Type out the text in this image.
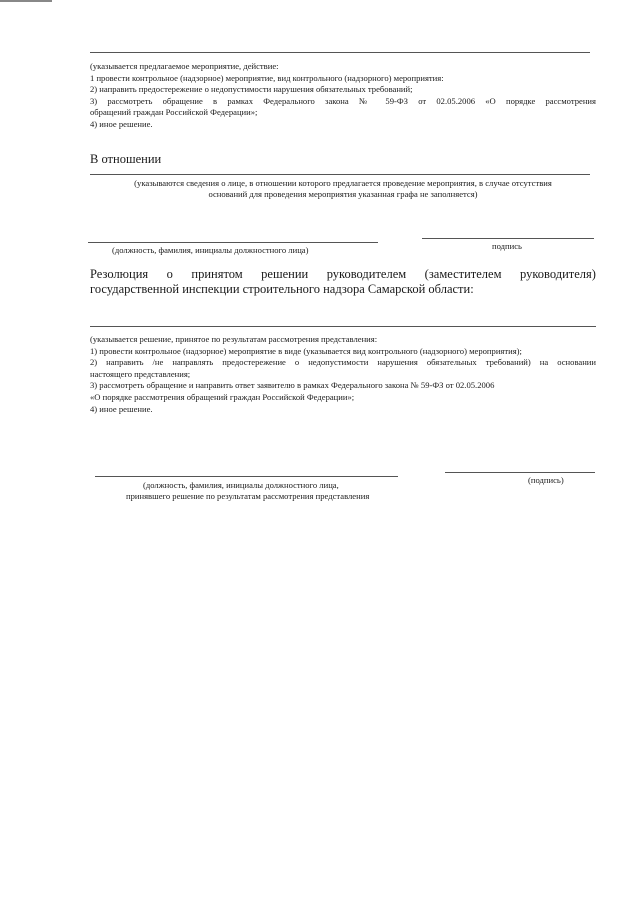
(указывается предлагаемое мероприятие, действие:
1 провести контрольное (надзорное) мероприятие, вид контрольного (надзорного) мероприятия:
2) направить предостережение о недопустимости нарушения обязательных требований;
3) рассмотреть обращение в рамках Федерального закона № 59-ФЗ от 02.05.2006 «О порядке рассмотрения
обращений граждан Российской Федерации»;
4) иное решение.
В отношении
(указываются сведения о лице, в отношении которого предлагается проведение мероприятия, в случае отсутствия
оснований для проведения мероприятия указанная графа не заполняется)
(должность, фамилия, инициалы должностного лица)	подпись
Резолюция о принятом решении руководителем (заместителем руководителя)
государственной инспекции строительного надзора Самарской области:
(указывается решение, принятое по результатам рассмотрения представления:
1) провести контрольное (надзорное) мероприятие в виде (указывается вид контрольного (надзорного) мероприятия);
2) направить /не направлять предостережение о недопустимости нарушения обязательных требований) на основании
настоящего представления;
3) рассмотреть обращение и направить ответ заявителю в рамках Федерального закона № 59-ФЗ от 02.05.2006
«О порядке рассмотрения обращений граждан Российской Федерации»;
4) иное решение.
(должность, фамилия, инициалы должностного лица,
принявшего решение по результатам рассмотрения представления
(подпись)
